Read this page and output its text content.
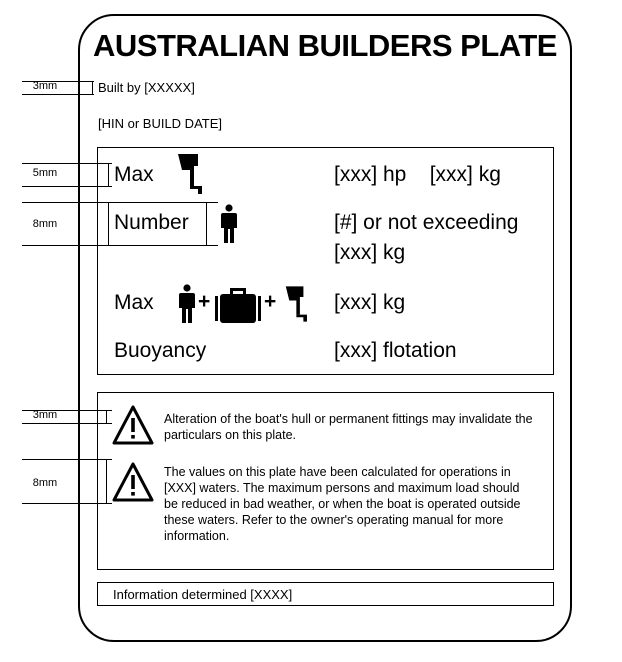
AUSTRALIAN BUILDERS PLATE
3mm	Built by [XXXXX]
[HIN or BUILD DATE]
5mm
8mm
Max	[xxx] hp    [xxx] kg
Number	[#] or not exceeding
[xxx] kg
Max +	+	[xxx] kg
Buoyancy	[xxx] flotation
3mm
8mm
Alteration of the boat's hull or permanent fittings may invalidate the particulars on this plate.
The values on this plate have been calculated for operations in [XXX] waters. The maximum persons and maximum load should be reduced in bad weather, or when the boat is operated outside these waters. Refer to the owner's operating manual for more information.
Information determined [XXXX]
